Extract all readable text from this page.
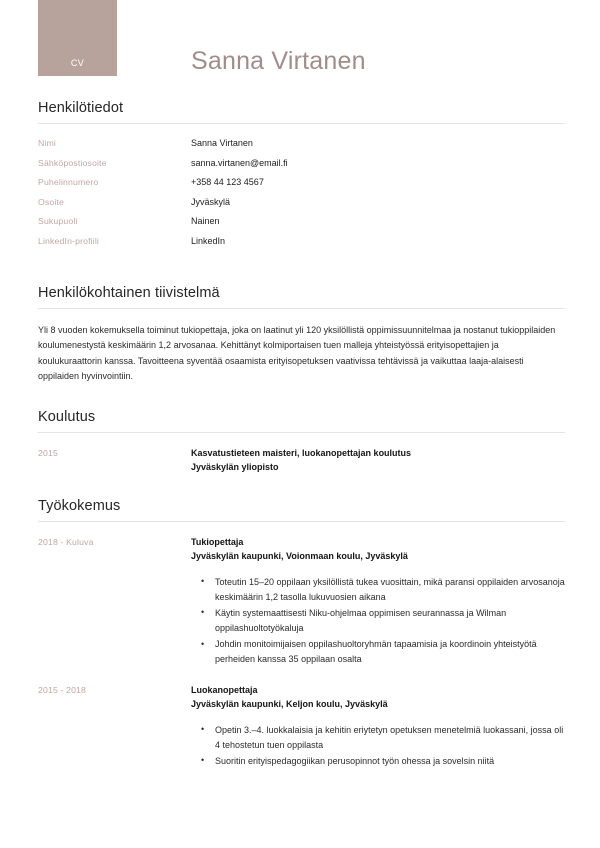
CV	Sanna Virtanen
Henkilötiedot
Nimi	Sanna Virtanen
Sähköpostiosoite	sanna.virtanen@email.fi
Puhelinnumero	+358 44 123 4567
Osoite	Jyväskylä
Sukupuoli	Nainen
LinkedIn-profiili	LinkedIn
Henkilökohtainen tiivistelmä

Yli 8 vuoden kokemuksella toiminut tukiopettaja, joka on laatinut yli 120 yksilöllistä oppimissuunnitelmaa ja nostanut tukioppilaiden koulumenestystä keskimäärin 1,2 arvosanaa. Kehittänyt kolmiportaisen tuen malleja yhteistyössä erityisopettajien ja koulukuraattorin kanssa. Tavoitteena syventää osaamista erityisopetuksen vaativissa tehtävissä ja vaikuttaa laaja-alaisesti oppilaiden hyvinvointiin.

Koulutus
2015	Kasvatustieteen maisteri, luokanopettajan koulutus
Jyväskylän yliopisto
Työkokemus
2018 - Kuluva	Tukiopettaja
Jyväskylän kaupunki, Voionmaan koulu, Jyväskylä
• Toteutin 15–20 oppilaan yksilöllistä tukea vuosittain, mikä paransi oppilaiden arvosanoja keskimäärin 1,2 tasolla lukuvuosien aikana
• Käytin systemaattisesti Niku-ohjelmaa oppimisen seurannassa ja Wilman oppilashuoltotyökaluja
• Johdin monitoimijaisen oppilashuoltoryhmän tapaamisia ja koordinoin yhteistyötä perheiden kanssa 35 oppilaan osalta
2015 - 2018	Luokanopettaja
Jyväskylän kaupunki, Keljon koulu, Jyväskylä
• Opetin 3.–4. luokkalaisia ja kehitin eriytetyn opetuksen menetelmiä luokassani, jossa oli 4 tehostetun tuen oppilasta
• Suoritin erityispedagogiikan perusopinnot työn ohessa ja sovelsin niitä
